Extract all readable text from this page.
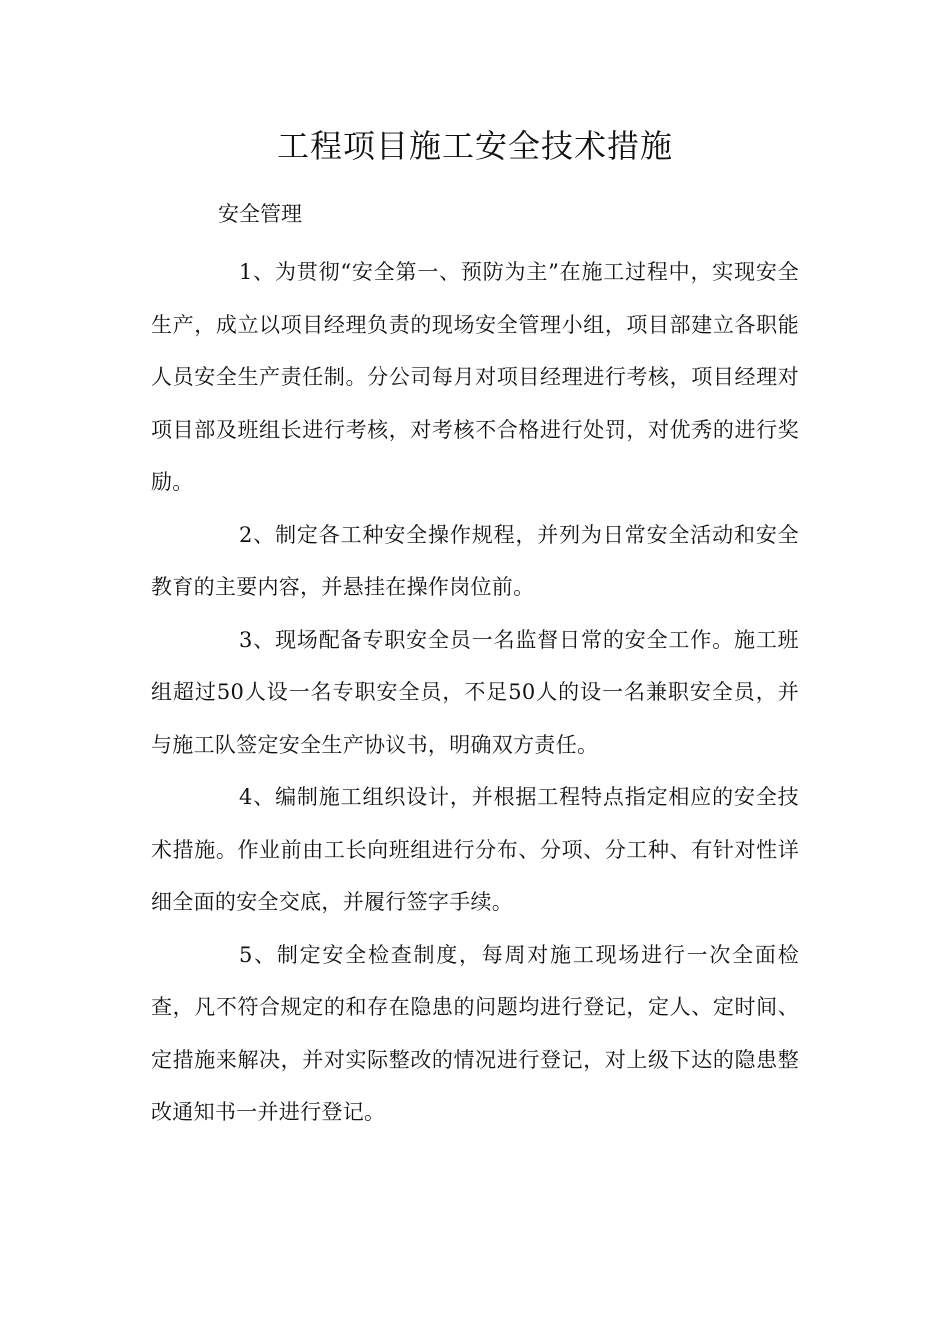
工程项目施工安全技术措施

安全管理

1、为贯彻“安全第一、预防为主”在施工过程中，实现安全生产，成立以项目经理负责的现场安全管理小组，项目部建立各职能人员安全生产责任制。分公司每月对项目经理进行考核，项目经理对项目部及班组长进行考核，对考核不合格进行处罚，对优秀的进行奖励。

2、制定各工种安全操作规程，并列为日常安全活动和安全教育的主要内容，并悬挂在操作岗位前。

3、现场配备专职安全员一名监督日常的安全工作。施工班组超过50人设一名专职安全员，不足50人的设一名兼职安全员，并与施工队签定安全生产协议书，明确双方责任。

4、编制施工组织设计，并根据工程特点指定相应的安全技术措施。作业前由工长向班组进行分布、分项、分工种、有针对性详细全面的安全交底，并履行签字手续。

5、制定安全检查制度，每周对施工现场进行一次全面检查，凡不符合规定的和存在隐患的问题均进行登记，定人、定时间、定措施来解决，并对实际整改的情况进行登记，对上级下达的隐患整改通知书一并进行登记。
